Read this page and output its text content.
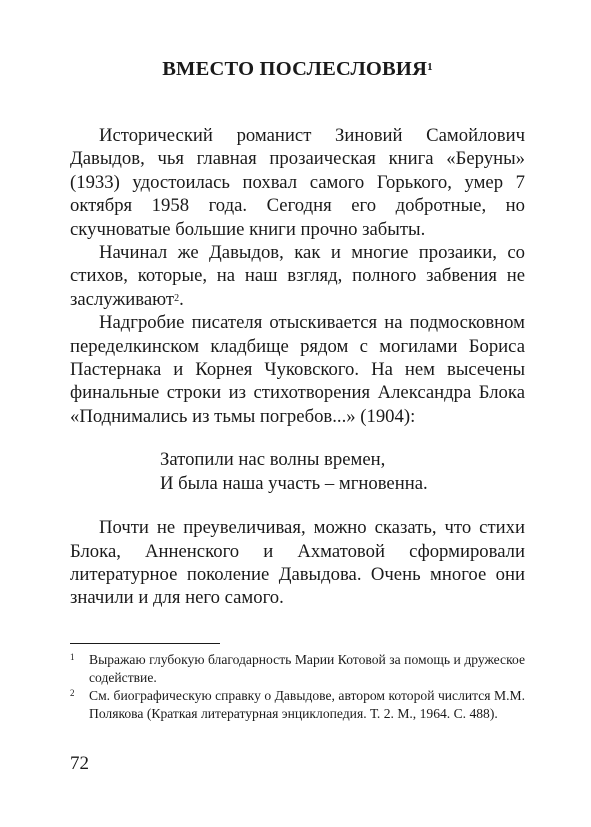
ВМЕСТО ПОСЛЕСЛОВИЯ$^1$

Исторический романист Зиновий Самойлович Давыдов, чья главная прозаическая книга «Беруны» (1933) удостоилась похвал самого Горького, умер 7 октября 1958 года. Сегодня его добротные, но скучноватые большие книги прочно забыты.

Начинал же Давыдов, как и многие прозаики, со стихов, которые, на наш взгляд, полного забвения не заслуживают$^2$.

Надгробие писателя отыскивается на подмосковном переделкинском кладбище рядом с могилами Бориса Пастернака и Корнея Чуковского. На нем высечены финальные строки из стихотворения Александра Блока «Поднимались из тьмы погребов...» (1904):

Затопили нас волны времен,
И была наша участь – мгновенна.

Почти не преувеличивая, можно сказать, что стихи Блока, Анненского и Ахматовой сформировали литературное поколение Давыдова. Очень многое они значили и для него самого.

1 Выражаю глубокую благодарность Марии Котовой за помощь и дружеское содействие.
2 См. биографическую справку о Давыдове, автором которой числится М.М. Полякова (Краткая литературная энциклопедия. Т. 2. М., 1964. С. 488).
72
